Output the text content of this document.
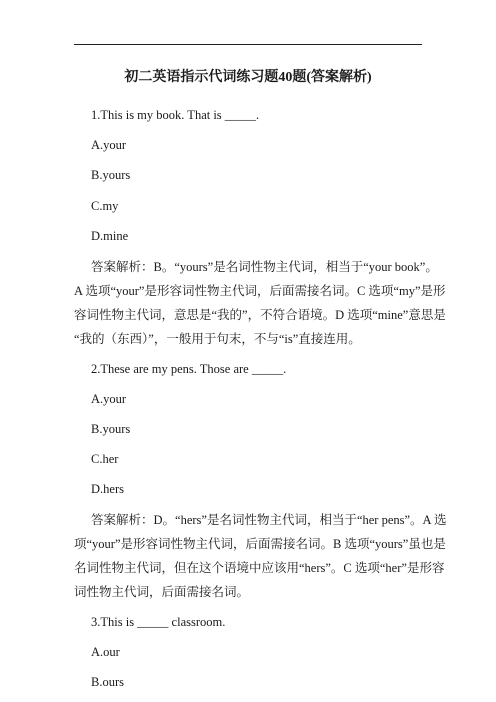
初二英语指示代词练习题40题(答案解析)
1.This is my book. That is _____.
A.your
B.yours
C.my
D.mine
答案解析：B。“yours”是名词性物主代词，相当于“your book”。
A 选项“your”是形容词性物主代词，后面需接名词。C 选项“my”是形
容词性物主代词，意思是“我的”，不符合语境。D 选项“mine”意思是
“我的（东西）”，一般用于句末，不与“is”直接连用。
2.These are my pens. Those are _____.
A.your
B.yours
C.her
D.hers
答案解析：D。“hers”是名词性物主代词，相当于“her pens”。A 选
项“your”是形容词性物主代词，后面需接名词。B 选项“yours”虽也是
名词性物主代词，但在这个语境中应该用“hers”。C 选项“her”是形容
词性物主代词，后面需接名词。
3.This is _____ classroom.
A.our
B.ours
